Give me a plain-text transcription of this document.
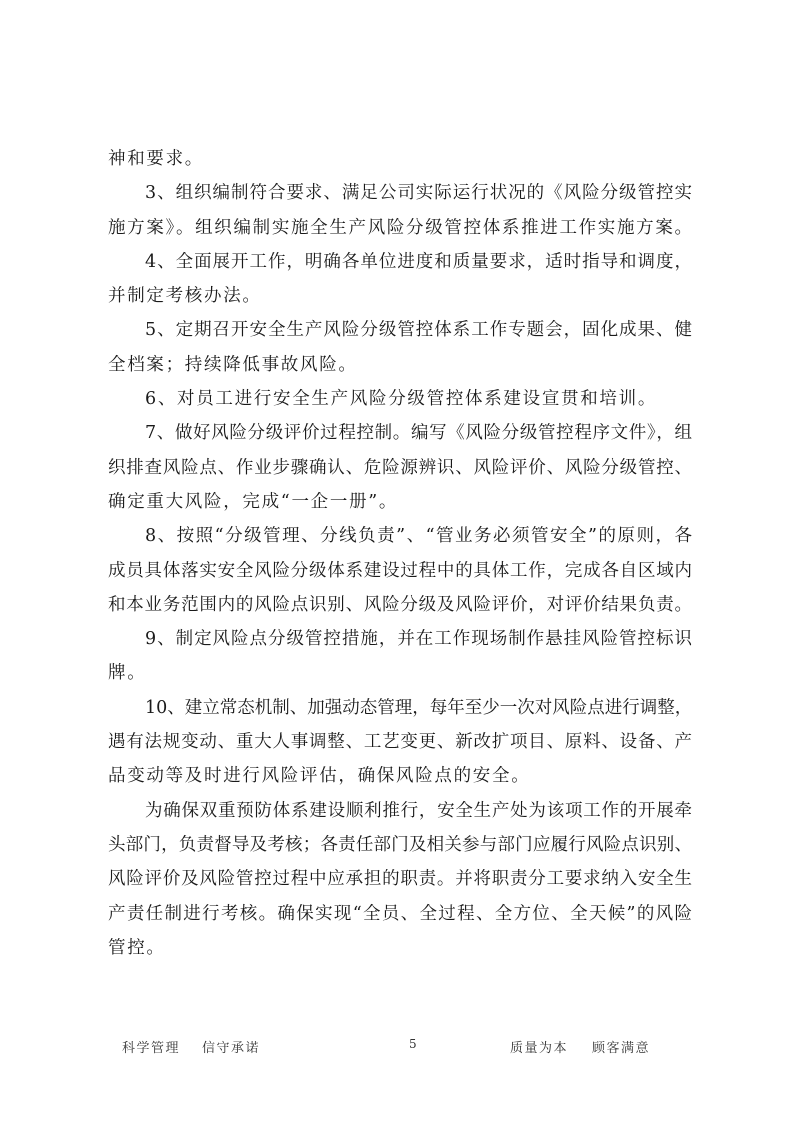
神和要求。
3、组织编制符合要求、满足公司实际运行状况的《风险分级管控实
施方案》。组织编制实施全生产风险分级管控体系推进工作实施方案。
4、全面展开工作，明确各单位进度和质量要求，适时指导和调度，
并制定考核办法。
5、定期召开安全生产风险分级管控体系工作专题会，固化成果、健
全档案；持续降低事故风险。
6、对员工进行安全生产风险分级管控体系建设宣贯和培训。
7、做好风险分级评价过程控制。编写《风险分级管控程序文件》，组
织排查风险点、作业步骤确认、危险源辨识、风险评价、风险分级管控、
确定重大风险，完成“一企一册”。
8、按照“分级管理、分线负责”、“管业务必须管安全”的原则，各
成员具体落实安全风险分级体系建设过程中的具体工作，完成各自区域内
和本业务范围内的风险点识别、风险分级及风险评价，对评价结果负责。
9、制定风险点分级管控措施，并在工作现场制作悬挂风险管控标识
牌。
10、建立常态机制、加强动态管理，每年至少一次对风险点进行调整，
遇有法规变动、重大人事调整、工艺变更、新改扩项目、原料、设备、产
品变动等及时进行风险评估，确保风险点的安全。
为确保双重预防体系建设顺利推行，安全生产处为该项工作的开展牵
头部门，负责督导及考核；各责任部门及相关参与部门应履行风险点识别、
风险评价及风险管控过程中应承担的职责。并将职责分工要求纳入安全生
产责任制进行考核。确保实现“全员、全过程、全方位、全天候”的风险
管控。
科学管理 信守承诺	5	质量为本 顾客满意
